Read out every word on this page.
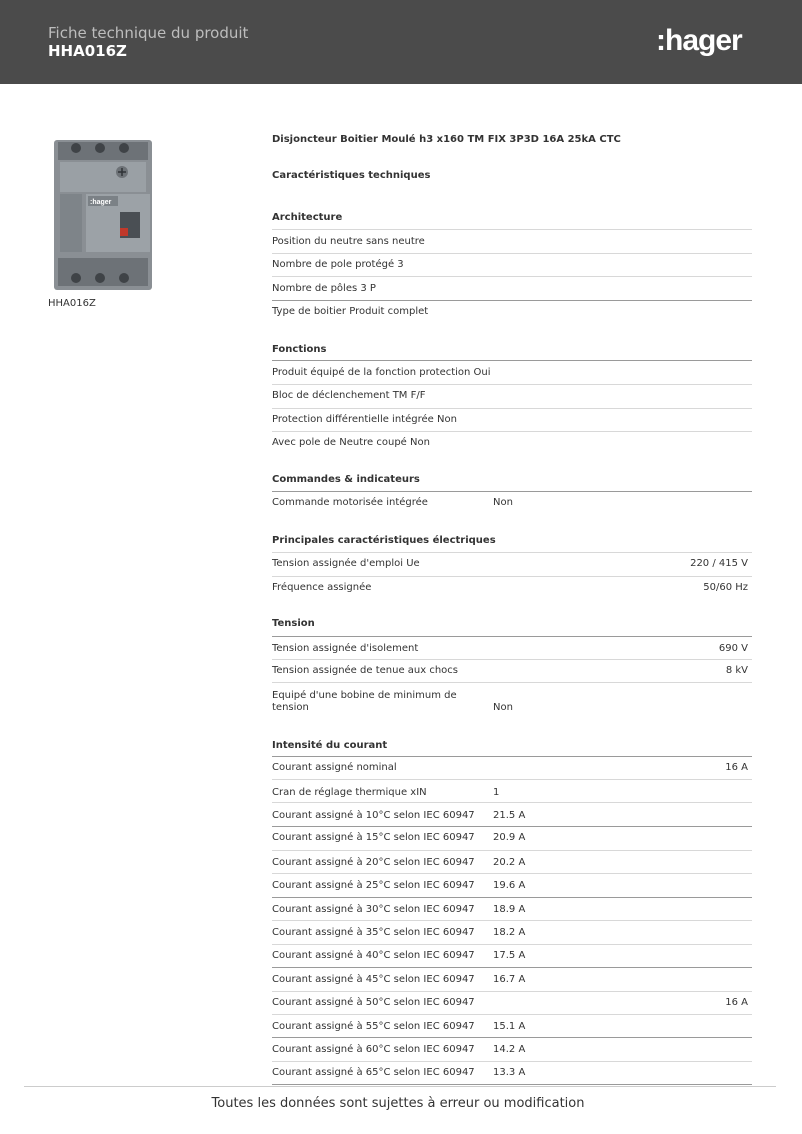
Fiche technique du produit
HHA016Z	:hager
:hager
HHA016Z
Disjoncteur Boitier Moulé h3 x160 TM FIX 3P3D 16A 25kA CTC
Caractéristiques techniques
Architecture
Position du neutre sans neutre
Nombre de pole protégé 3
Nombre de pôles 3 P
Type de boitier Produit complet
Fonctions
Produit équipé de la fonction protection Oui
Bloc de déclenchement TM F/F
Protection différentielle intégrée Non
Avec pole de Neutre coupé Non
Commandes & indicateurs
Commande motorisée intégrée	Non
Principales caractéristiques électriques
Tension assignée d'emploi Ue	220 / 415 V
Fréquence assignée	50/60 Hz
Tension
Tension assignée d'isolement	690 V
Tension assignée de tenue aux chocs	8 kV
Equipé d'une bobine de minimum de
tension	Non
Intensité du courant
Courant assigné nominal	16 A
Cran de réglage thermique xIN	1
Courant assigné à 10°C selon IEC 60947 21.5 A
Courant assigné à 15°C selon IEC 60947 20.9 A
Courant assigné à 20°C selon IEC 60947 20.2 A
Courant assigné à 25°C selon IEC 60947 19.6 A
Courant assigné à 30°C selon IEC 60947 18.9 A
Courant assigné à 35°C selon IEC 60947 18.2 A
Courant assigné à 40°C selon IEC 60947 17.5 A
Courant assigné à 45°C selon IEC 60947 16.7 A
Courant assigné à 50°C selon IEC 60947	16 A
Courant assigné à 55°C selon IEC 60947 15.1 A
Courant assigné à 60°C selon IEC 60947 14.2 A
Courant assigné à 65°C selon IEC 60947 13.3 A
Toutes les données sont sujettes à erreur ou modification
